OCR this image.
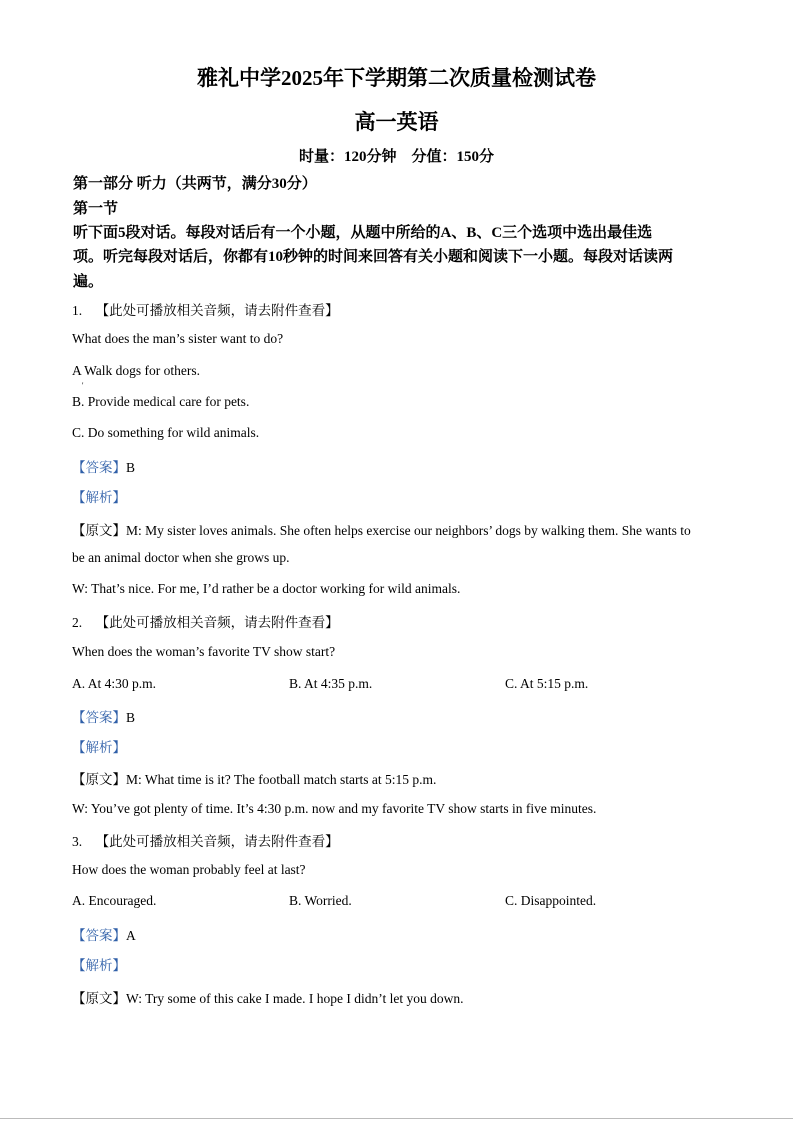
雅礼中学2025年下学期第二次质量检测试卷
高一英语
时量：120分钟　分值：150分
第一部分 听力（共两节，满分30分）
第一节
听下面5段对话。每段对话后有一个小题，从题中所给的A、B、C三个选项中选出最佳选
项。听完每段对话后，你都有10秒钟的时间来回答有关小题和阅读下一小题。每段对话读两
遍。
1. 【此处可播放相关音频，请去附件查看】
What does the man’s sister want to do?
A Walk dogs for others.
'
B. Provide medical care for pets.
C. Do something for wild animals.
【答案】B
【解析】
【原文】M: My sister loves animals. She often helps exercise our neighbors’ dogs by walking them. She wants to
be an animal doctor when she grows up.
W: That’s nice. For me, I’d rather be a doctor working for wild animals.
2. 【此处可播放相关音频，请去附件查看】
When does the woman’s favorite TV show start?
A. At 4:30 p.m.	B. At 4:35 p.m.	C. At 5:15 p.m.
【答案】B
【解析】
【原文】M: What time is it? The football match starts at 5:15 p.m.
W: You’ve got plenty of time. It’s 4:30 p.m. now and my favorite TV show starts in five minutes.
3. 【此处可播放相关音频，请去附件查看】
How does the woman probably feel at last?
A. Encouraged.	B. Worried.	C. Disappointed.
【答案】A
【解析】
【原文】W: Try some of this cake I made. I hope I didn’t let you down.
